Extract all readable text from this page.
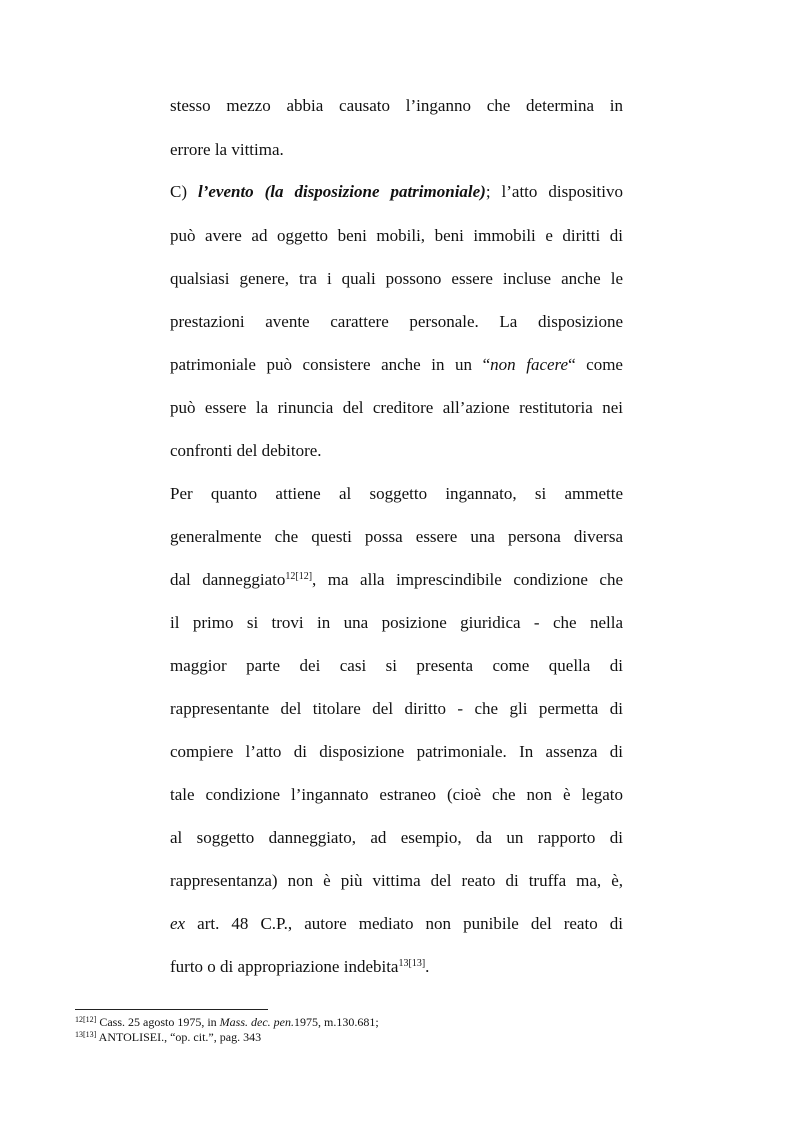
stesso mezzo abbia causato l’inganno che determina in
errore la vittima.
C) l’evento (la disposizione patrimoniale); l’atto dispositivo
può avere ad oggetto beni mobili, beni immobili e diritti di
qualsiasi genere, tra i quali possono essere incluse anche le
prestazioni avente carattere personale. La disposizione
patrimoniale può consistere anche in un “non facere“ come
può essere la rinuncia del creditore all’azione restitutoria nei
confronti del debitore.
Per quanto attiene al soggetto ingannato, si ammette
generalmente che questi possa essere una persona diversa
dal danneggiato$^{12[12]}$, ma alla imprescindibile condizione che
il primo si trovi in una posizione giuridica - che nella
maggior parte dei casi si presenta come quella di
rappresentante del titolare del diritto - che gli permetta di
compiere l’atto di disposizione patrimoniale. In assenza di
tale condizione l’ingannato estraneo (cioè che non è legato
al soggetto danneggiato, ad esempio, da un rapporto di
rappresentanza) non è più vittima del reato di truffa ma, è,
ex art. 48 C.P., autore mediato non punibile del reato di
furto o di appropriazione indebita$^{13[13]}$.
$^{12[12]}$ Cass. 25 agosto 1975, in Mass. dec. pen.1975, m.130.681;
$^{13[13]}$ ANTOLISEI., “op. cit.”, pag. 343
